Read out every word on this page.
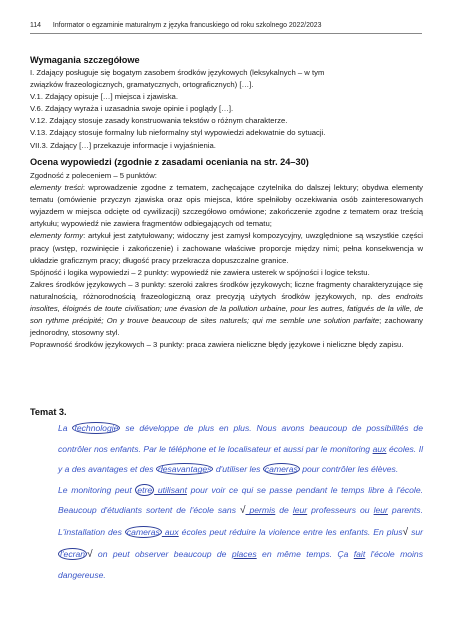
114 Informator o egzaminie maturalnym z języka francuskiego od roku szkolnego 2022/2023
Wymagania szczegółowe
I. Zdający posługuje się bogatym zasobem środków językowych (leksykalnych – w tym
związków frazeologicznych, gramatycznych, ortograficznych) […].
V.1. Zdający opisuje […] miejsca i zjawiska.
V.6. Zdający wyraża i uzasadnia swoje opinie i poglądy […].
V.12. Zdający stosuje zasady konstruowania tekstów o różnym charakterze.
V.13. Zdający stosuje formalny lub nieformalny styl wypowiedzi adekwatnie do sytuacji.
VII.3. Zdający […] przekazuje informacje i wyjaśnienia.
Ocena wypowiedzi (zgodnie z zasadami oceniania na str. 24–30)
Zgodność z poleceniem – 5 punktów:
elementy treści: wprowadzenie zgodne z tematem, zachęcające czytelnika do dalszej lektury; obydwa elementy tematu (omówienie przyczyn zjawiska oraz opis miejsca, które spełniłoby oczekiwania osób zainteresowanych wyjazdem w miejsca odcięte od cywilizacji) szczegółowo omówione; zakończenie zgodne z tematem oraz treścią artykułu; wypowiedź nie zawiera fragmentów odbiegających od tematu;
elementy formy: artykuł jest zatytułowany; widoczny jest zamysł kompozycyjny, uwzględnione są wszystkie części pracy (wstęp, rozwinięcie i zakończenie) i zachowane właściwe proporcje między nimi; pełna konsekwencja w układzie graficznym pracy; długość pracy przekracza dopuszczalne granice.
Spójność i logika wypowiedzi – 2 punkty: wypowiedź nie zawiera usterek w spójności i logice tekstu.
Zakres środków językowych – 3 punkty: szeroki zakres środków językowych; liczne fragmenty charakteryzujące się naturalnością, różnorodnością frazeologiczną oraz precyzją użytych środków językowych, np. des endroits insolites, éloignés de toute civilisation; une évasion de la pollution urbaine, pour les autres, fatigués de la ville, de son rythme précipité; On y trouve beaucoup de sites naturels; qui me semble une solution parfaite; zachowany jednorodny, stosowny styl.
Poprawność środków językowych – 3 punkty: praca zawiera nieliczne błędy językowe i nieliczne błędy zapisu.
Temat 3.
La technologie se développe de plus en plus. Nous avons beaucoup de possibilités de contrôler nos enfants. Par le téléphone et le localisateur et aussi par le monitoring aux écoles. Il y a des avantages et des desavantages d'utiliser les cameras pour contrôler les élèves.
Le monitoring peut etre utilisant pour voir ce qui se passe pendant le temps libre à l'école. Beaucoup d'étudiants sortent de l'école sans √ permis de leur professeurs ou leur parents. L'installation des cameras aux écoles peut réduire la violence entre les enfants. En plus√ sur l'ecran √ on peut observer beaucoup de places en même temps. Ça fait l'école moins dangereuse.
